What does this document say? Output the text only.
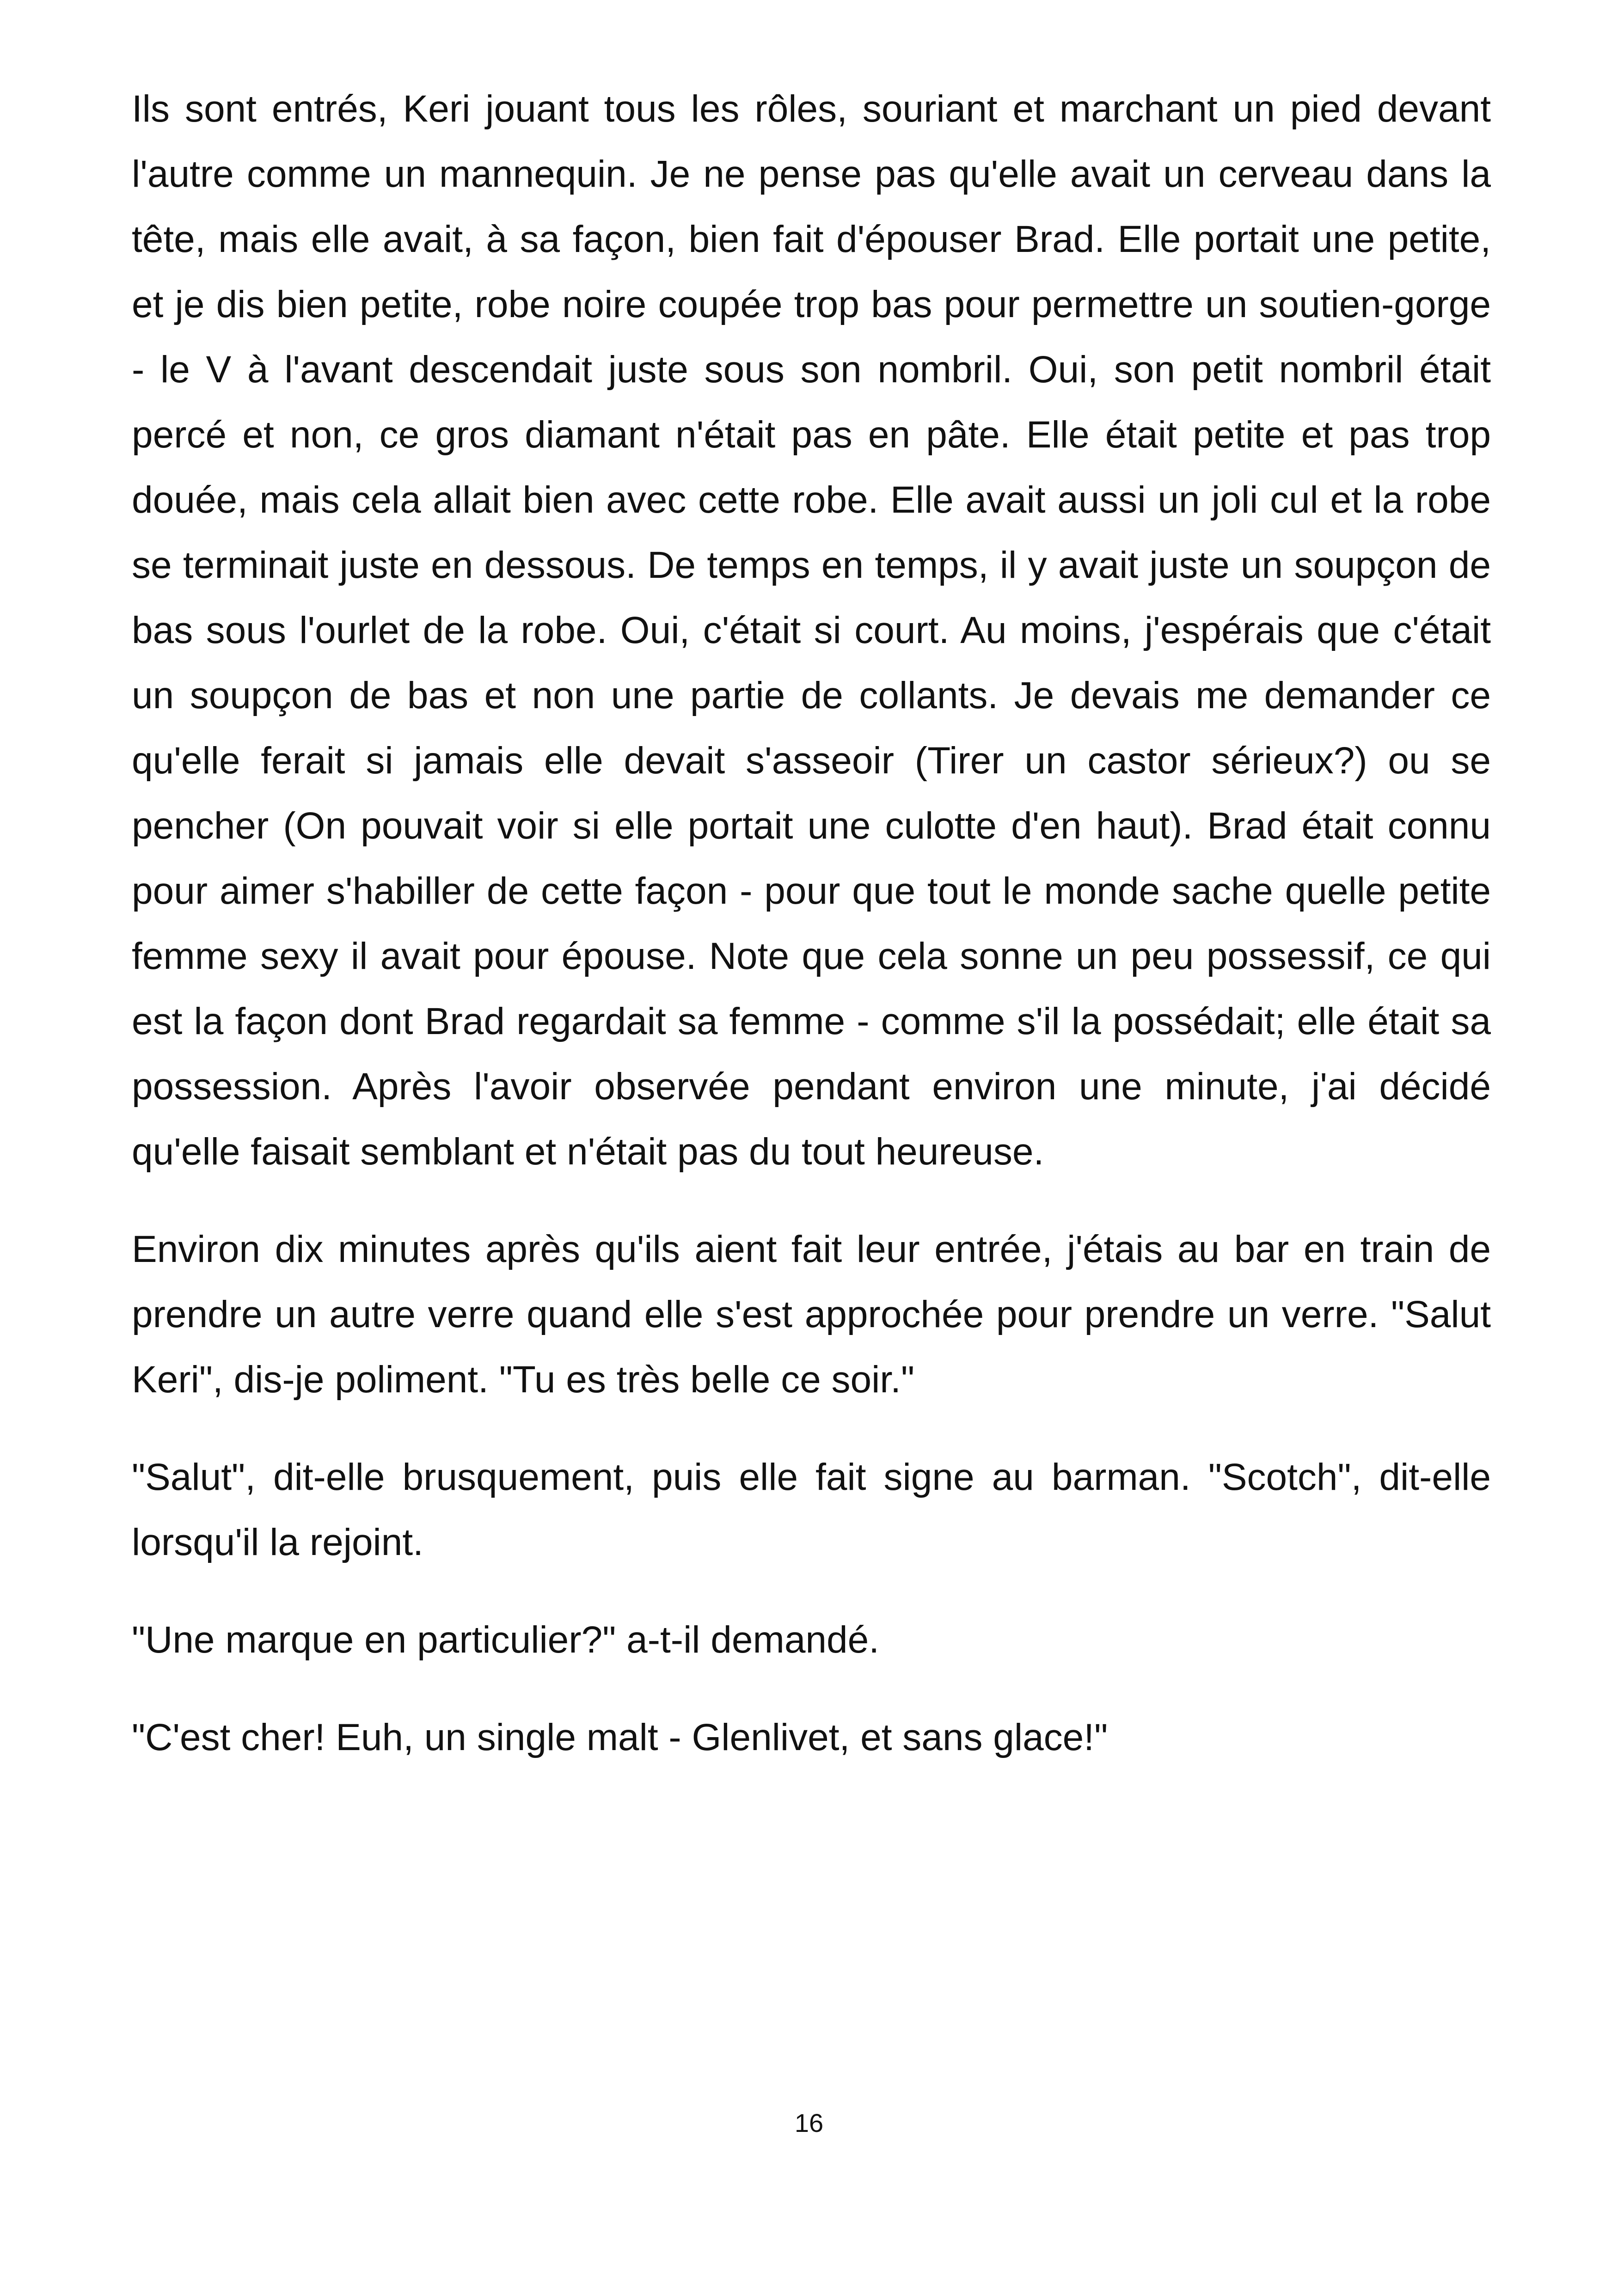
Ils sont entrés, Keri jouant tous les rôles, souriant et marchant un pied devant l'autre comme un mannequin. Je ne pense pas qu'elle avait un cerveau dans la tête, mais elle avait, à sa façon, bien fait d'épouser Brad. Elle portait une petite, et je dis bien petite, robe noire coupée trop bas pour permettre un soutien-gorge - le V à l'avant descendait juste sous son nombril. Oui, son petit nombril était percé et non, ce gros diamant n'était pas en pâte. Elle était petite et pas trop douée, mais cela allait bien avec cette robe. Elle avait aussi un joli cul et la robe se terminait juste en dessous. De temps en temps, il y avait juste un soupçon de bas sous l'ourlet de la robe. Oui, c'était si court. Au moins, j'espérais que c'était un soupçon de bas et non une partie de collants. Je devais me demander ce qu'elle ferait si jamais elle devait s'asseoir (Tirer un castor sérieux?) ou se pencher (On pouvait voir si elle portait une culotte d'en haut). Brad était connu pour aimer s'habiller de cette façon - pour que tout le monde sache quelle petite femme sexy il avait pour épouse. Note que cela sonne un peu possessif, ce qui est la façon dont Brad regardait sa femme - comme s'il la possédait; elle était sa possession. Après l'avoir observée pendant environ une minute, j'ai décidé qu'elle faisait semblant et n'était pas du tout heureuse.

Environ dix minutes après qu'ils aient fait leur entrée, j'étais au bar en train de prendre un autre verre quand elle s'est approchée pour prendre un verre. "Salut Keri", dis-je poliment. "Tu es très belle ce soir."

"Salut", dit-elle brusquement, puis elle fait signe au barman. "Scotch", dit-elle lorsqu'il la rejoint.

"Une marque en particulier?" a-t-il demandé.

"C'est cher! Euh, un single malt - Glenlivet, et sans glace!"

16
